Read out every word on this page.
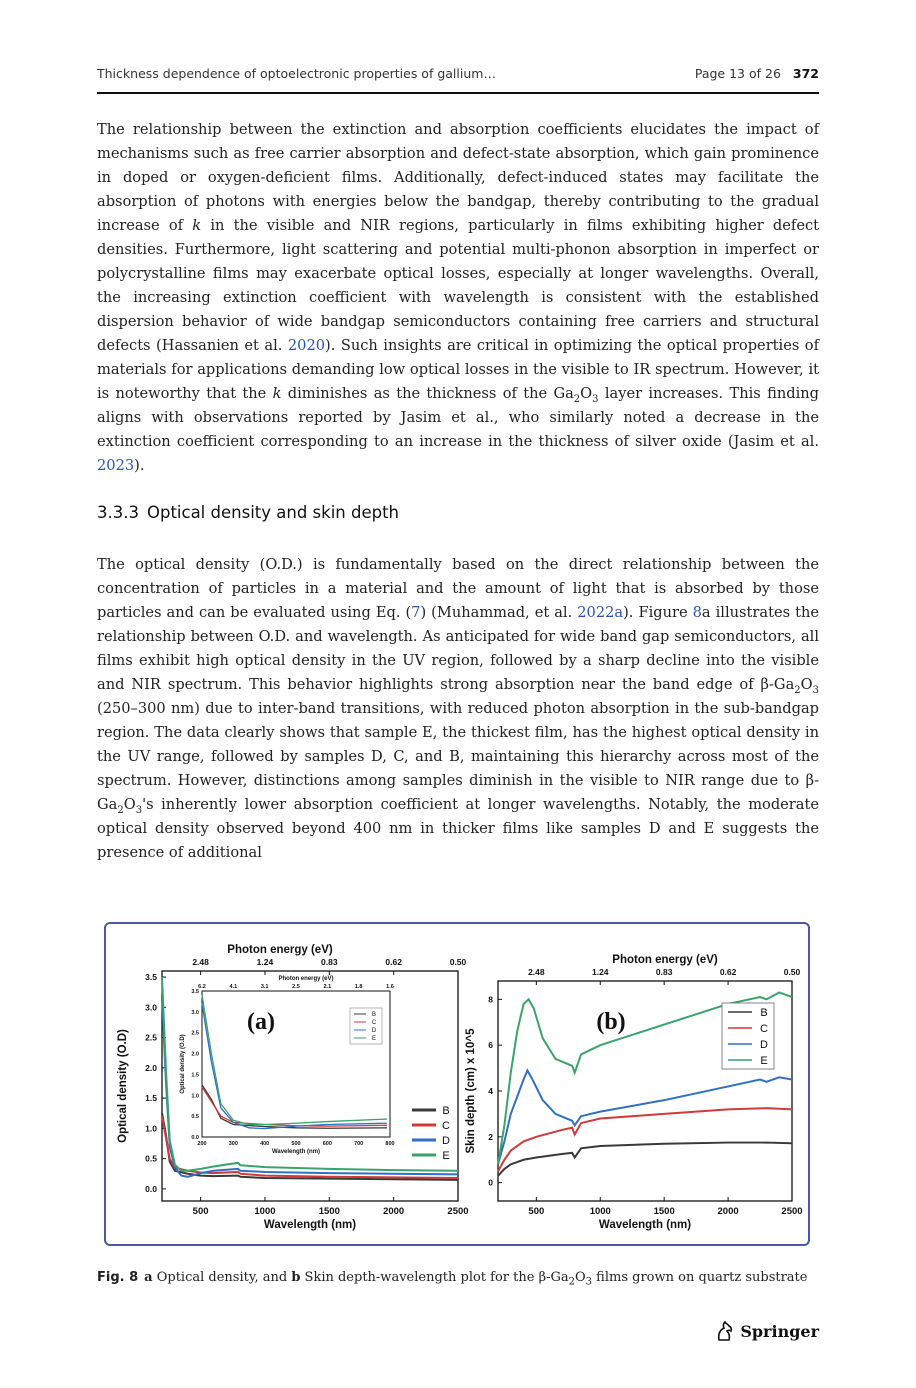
Thickness dependence of optoelectronic properties of gallium…	Page 13 of 26 372
The relationship between the extinction and absorption coefficients elucidates the impact of mechanisms such as free carrier absorption and defect-state absorption, which gain prominence in doped or oxygen-deficient films. Additionally, defect-induced states may facilitate the absorption of photons with energies below the bandgap, thereby contributing to the gradual increase of k in the visible and NIR regions, particularly in films exhibiting higher defect densities. Furthermore, light scattering and potential multi-phonon absorption in imperfect or polycrystalline films may exacerbate optical losses, especially at longer wavelengths. Overall, the increasing extinction coefficient with wavelength is consistent with the established dispersion behavior of wide bandgap semiconductors containing free carriers and structural defects (Hassanien et al. 2020). Such insights are critical in optimizing the optical properties of materials for applications demanding low optical losses in the visible to IR spectrum. However, it is noteworthy that the k diminishes as the thickness of the $Ga_2O_3$ layer increases. This finding aligns with observations reported by Jasim et al., who similarly noted a decrease in the extinction coefficient corresponding to an increase in the thickness of silver oxide (Jasim et al. 2023).
3.3.3 Optical density and skin depth
The optical density (O.D.) is fundamentally based on the direct relationship between the concentration of particles in a material and the amount of light that is absorbed by those particles and can be evaluated using Eq. (7) (Muhammad, et al. 2022a). Figure 8a illustrates the relationship between O.D. and wavelength. As anticipated for wide band gap semiconductors, all films exhibit high optical density in the UV region, followed by a sharp decline into the visible and NIR spectrum. This behavior highlights strong absorption near the band edge of $\beta-Ga_2O_3$ (250–300 nm) due to inter-band transitions, with reduced photon absorption in the sub-bandgap region. The data clearly shows that sample E, the thickest film, has the highest optical density in the UV range, followed by samples D, C, and B, maintaining this hierarchy across most of the spectrum. However, distinctions among samples diminish in the visible to NIR range due to $\beta-Ga_2O_3's$ inherently lower absorption coefficient at longer wavelengths. Notably, the moderate optical density observed beyond 400 nm in thicker films like samples D and E suggests the presence of additional
500	1000	1500	2000	2500
2.48	1.24	0.83	0.62	0.50
0.0
0.5
1.0
1.5
2.0
2.5
3.0
3.5
Wavelength (nm)
Photon energy (eV)
Optical density (O.D)	B
C
D
E
200	300	400	500	600	700	800
6.2	4.1	3.1	2.5	2.1	1.8	1.6
0.0
0.5
1.0
1.5
2.0
2.5
3.0
3.5
Wavelength (nm)
Photon energy (eV)
Optical density (O.D)
(a)	B
C
D
E
500	1000	1500	2000	2500
2.48	1.24	0.83	0.62	0.50
0
2
4
6
8
Wavelength (nm)
Photon energy (eV)
Skin depth (cm) x 10^5
(b)	B
C
D
E
Fig. 8 a Optical density, and b Skin depth-wavelength plot for the $\beta-Ga_2O_3$ films grown on quartz substrate
Springer
